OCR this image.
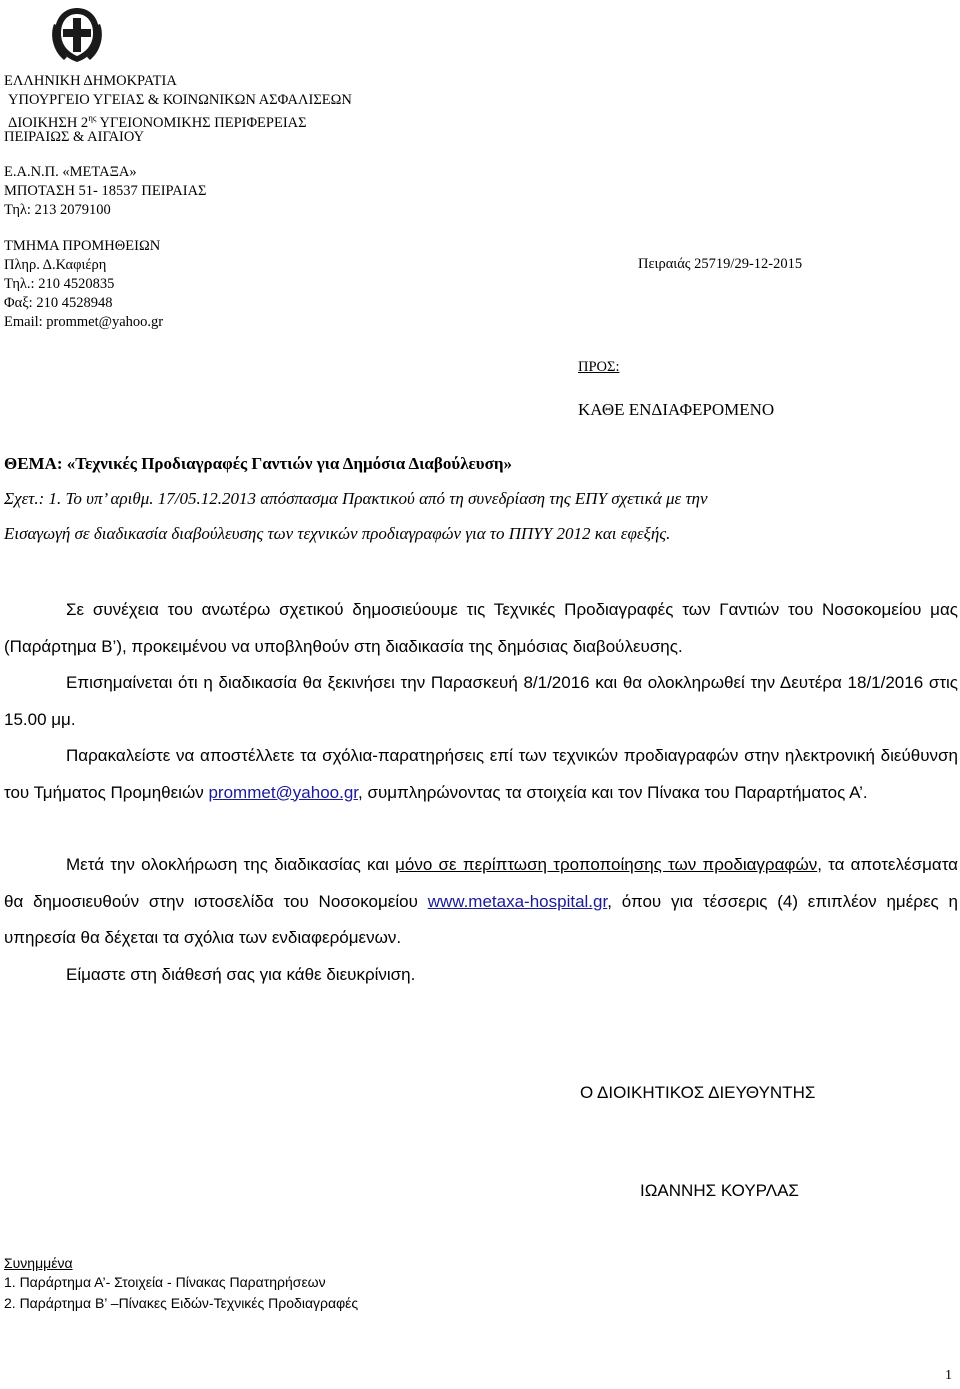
ΕΛΛΗΝΙΚΗ ΔΗΜΟΚΡΑΤΙΑ
ΥΠΟΥΡΓΕΙΟ ΥΓΕΙΑΣ & ΚΟΙΝΩΝΙΚΩΝ ΑΣΦΑΛΙΣΕΩΝ
ΔΙΟΙΚΗΣΗ $2^{\eta\varsigma}$ ΥΓΕΙΟΝΟΜΙΚΗΣ ΠΕΡΙΦΕΡΕΙΑΣ
ΠΕΙΡΑΙΩΣ & ΑΙΓΑΙΟΥ
Ε.Α.Ν.Π. «ΜΕΤΑΞΑ»
ΜΠΟΤΑΣΗ 51- 18537 ΠΕΙΡΑΙΑΣ
Τηλ: 213 2079100
ΤΜΗΜΑ ΠΡΟΜΗΘΕΙΩΝ
Πληρ. Δ.Καφιέρη
Τηλ.: 210 4520835
Φαξ: 210 4528948
Email: prommet@yahoo.gr
Πειραιάς 25719/29-12-2015
ΠΡΟΣ:
ΚΑΘΕ ΕΝΔΙΑΦΕΡΟΜΕΝΟ
ΘΕΜΑ: «Τεχνικές Προδιαγραφές Γαντιών για Δημόσια Διαβούλευση»
Σχετ.: 1. Το υπ’ αριθμ. 17/05.12.2013 απόσπασμα Πρακτικού από τη συνεδρίαση της ΕΠΥ σχετικά με την
Εισαγωγή σε διαδικασία διαβούλευσης των τεχνικών προδιαγραφών για το ΠΠΥΥ 2012 και εφεξής.
Σε συνέχεια του ανωτέρω σχετικού δημοσιεύουμε τις Τεχνικές Προδιαγραφές των Γαντιών του Νοσοκομείου μας (Παράρτημα Β’), προκειμένου να υποβληθούν στη διαδικασία της δημόσιας διαβούλευσης.
Επισημαίνεται ότι η διαδικασία θα ξεκινήσει την Παρασκευή 8/1/2016 και θα ολοκληρωθεί την Δευτέρα 18/1/2016 στις 15.00 μμ.
Παρακαλείστε να αποστέλλετε τα σχόλια-παρατηρήσεις επί των τεχνικών προδιαγραφών στην ηλεκτρονική διεύθυνση του Τμήματος Προμηθειών prommet@yahoo.gr, συμπληρώνοντας τα στοιχεία και τον Πίνακα του Παραρτήματος Α’.
Μετά την ολοκλήρωση της διαδικασίας και μόνο σε περίπτωση τροποποίησης των προδιαγραφών, τα αποτελέσματα θα δημοσιευθούν στην ιστοσελίδα του Νοσοκομείου www.metaxa-hospital.gr, όπου για τέσσερις (4) επιπλέον ημέρες η υπηρεσία θα δέχεται τα σχόλια των ενδιαφερόμενων.
Είμαστε στη διάθεσή σας για κάθε διευκρίνιση.
Ο ΔΙΟΙΚΗΤΙΚΟΣ ΔΙΕΥΘΥΝΤΗΣ
ΙΩΑΝΝΗΣ ΚΟΥΡΛΑΣ
Συνημμένα
1. Παράρτημα Α’- Στοιχεία - Πίνακας Παρατηρήσεων
2. Παράρτημα Β’ –Πίνακες Ειδών-Τεχνικές Προδιαγραφές
1
